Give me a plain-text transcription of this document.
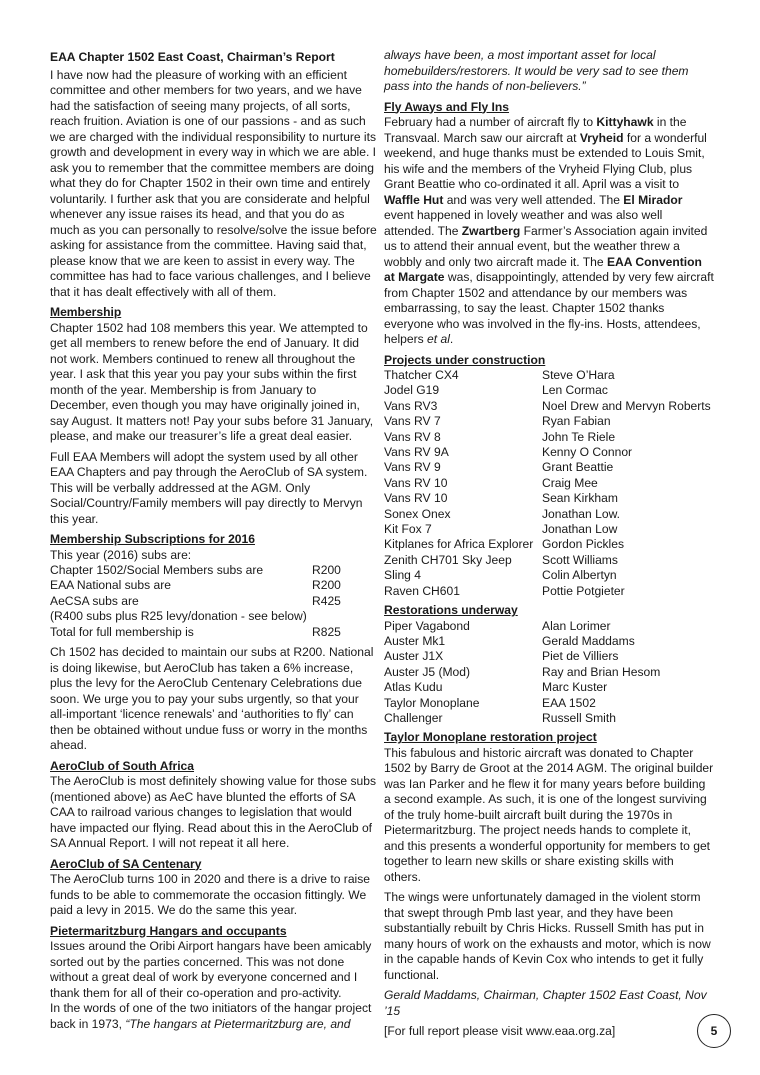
EAA Chapter 1502 East Coast, Chairman’s Report

I have now had the pleasure of working with an efficient committee and other members for two years, and we have had the satisfaction of seeing many projects, of all sorts, reach fruition. Aviation is one of our passions - and as such we are charged with the individual responsibility to nurture its growth and development in every way in which we are able. I ask you to remember that the committee members are doing what they do for Chapter 1502 in their own time and entirely voluntarily. I further ask that you are considerate and helpful whenever any issue raises its head, and that you do as much as you can personally to resolve/solve the issue before asking for assistance from the committee. Having said that, please know that we are keen to assist in every way. The committee has had to face various challenges, and I believe that it has dealt effectively with all of them.

Membership

Chapter 1502 had 108 members this year. We attempted to get all members to renew before the end of January. It did not work. Members continued to renew all throughout the year. I ask that this year you pay your subs within the first month of the year. Membership is from January to December, even though you may have originally joined in, say August. It matters not! Pay your subs before 31 January, please, and make our treasurer’s life a great deal easier.

Full EAA Members will adopt the system used by all other EAA Chapters and pay through the AeroClub of SA system. This will be verbally addressed at the AGM. Only Social/Country/Family members will pay directly to Mervyn this year.

Membership Subscriptions for 2016
This year (2016) subs are:
Chapter 1502/Social Members subs are	R200
EAA National subs are	R200
AeCSA subs are	R425
(R400 subs plus R25 levy/donation - see below)	
Total for full membership is	R825

Ch 1502 has decided to maintain our subs at R200. National is doing likewise, but AeroClub has taken a 6% increase, plus the levy for the AeroClub Centenary Celebrations due soon. We urge you to pay your subs urgently, so that your all-important ‘licence renewals’ and ‘authorities to fly’ can then be obtained without undue fuss or worry in the months ahead.

AeroClub of South Africa

The AeroClub is most definitely showing value for those subs (mentioned above) as AeC have blunted the efforts of SA CAA to railroad various changes to legislation that would have impacted our flying. Read about this in the AeroClub of SA Annual Report. I will not repeat it all here.

AeroClub of SA Centenary

The AeroClub turns 100 in 2020 and there is a drive to raise funds to be able to commemorate the occasion fittingly. We paid a levy in 2015. We do the same this year.

Pietermaritzburg Hangars and occupants

Issues around the Oribi Airport hangars have been amicably sorted out by the parties concerned. This was not done without a great deal of work by everyone concerned and I thank them for all of their co-operation and pro-activity.

In the words of one of the two initiators of the hangar project back in 1973, “The hangars at Pietermaritzburg are, and

always have been, a most important asset for local homebuilders/restorers. It would be very sad to see them pass into the hands of non-believers.”

Fly Aways and Fly Ins

February had a number of aircraft fly to Kittyhawk in the Transvaal. March saw our aircraft at Vryheid for a wonderful weekend, and huge thanks must be extended to Louis Smit, his wife and the members of the Vryheid Flying Club, plus Grant Beattie who co-ordinated it all. April was a visit to Waffle Hut and was very well attended. The El Mirador event happened in lovely weather and was also well attended. The Zwartberg Farmer’s Association again invited us to attend their annual event, but the weather threw a wobbly and only two aircraft made it. The EAA Convention at Margate was, disappointingly, attended by very few aircraft from Chapter 1502 and attendance by our members was embarrassing, to say the least. Chapter 1502 thanks everyone who was involved in the fly-ins. Hosts, attendees, helpers et al.

Projects under construction
Thatcher CX4	Steve O’Hara
Jodel G19	Len Cormac
Vans RV3	Noel Drew and Mervyn Roberts
Vans RV 7	Ryan Fabian
Vans RV 8	John Te Riele
Vans RV 9A	Kenny O Connor
Vans RV 9	Grant Beattie
Vans RV 10	Craig Mee
Vans RV 10	Sean Kirkham
Sonex Onex	Jonathan Low.
Kit Fox 7	Jonathan Low
Kitplanes for Africa Explorer	Gordon Pickles
Zenith CH701 Sky Jeep	Scott Williams
Sling 4	Colin Albertyn
Raven CH601	Pottie Potgieter
Restorations underway
Piper Vagabond	Alan Lorimer
Auster Mk1	Gerald Maddams
Auster J1X	Piet de Villiers
Auster J5 (Mod)	Ray and Brian Hesom
Atlas Kudu	Marc Kuster
Taylor Monoplane	EAA 1502
Challenger	Russell Smith
Taylor Monoplane restoration project

This fabulous and historic aircraft was donated to Chapter 1502 by Barry de Groot at the 2014 AGM. The original builder was Ian Parker and he flew it for many years before building a second example. As such, it is one of the longest surviving of the truly home-built aircraft built during the 1970s in Pietermaritzburg. The project needs hands to complete it, and this presents a wonderful opportunity for members to get together to learn new skills or share existing skills with others.

The wings were unfortunately damaged in the violent storm that swept through Pmb last year, and they have been substantially rebuilt by Chris Hicks. Russell Smith has put in many hours of work on the exhausts and motor, which is now in the capable hands of Kevin Cox who intends to get it fully functional.

Gerald Maddams, Chairman, Chapter 1502 East Coast, Nov ’15

[For full report please visit www.eaa.org.za]	5
